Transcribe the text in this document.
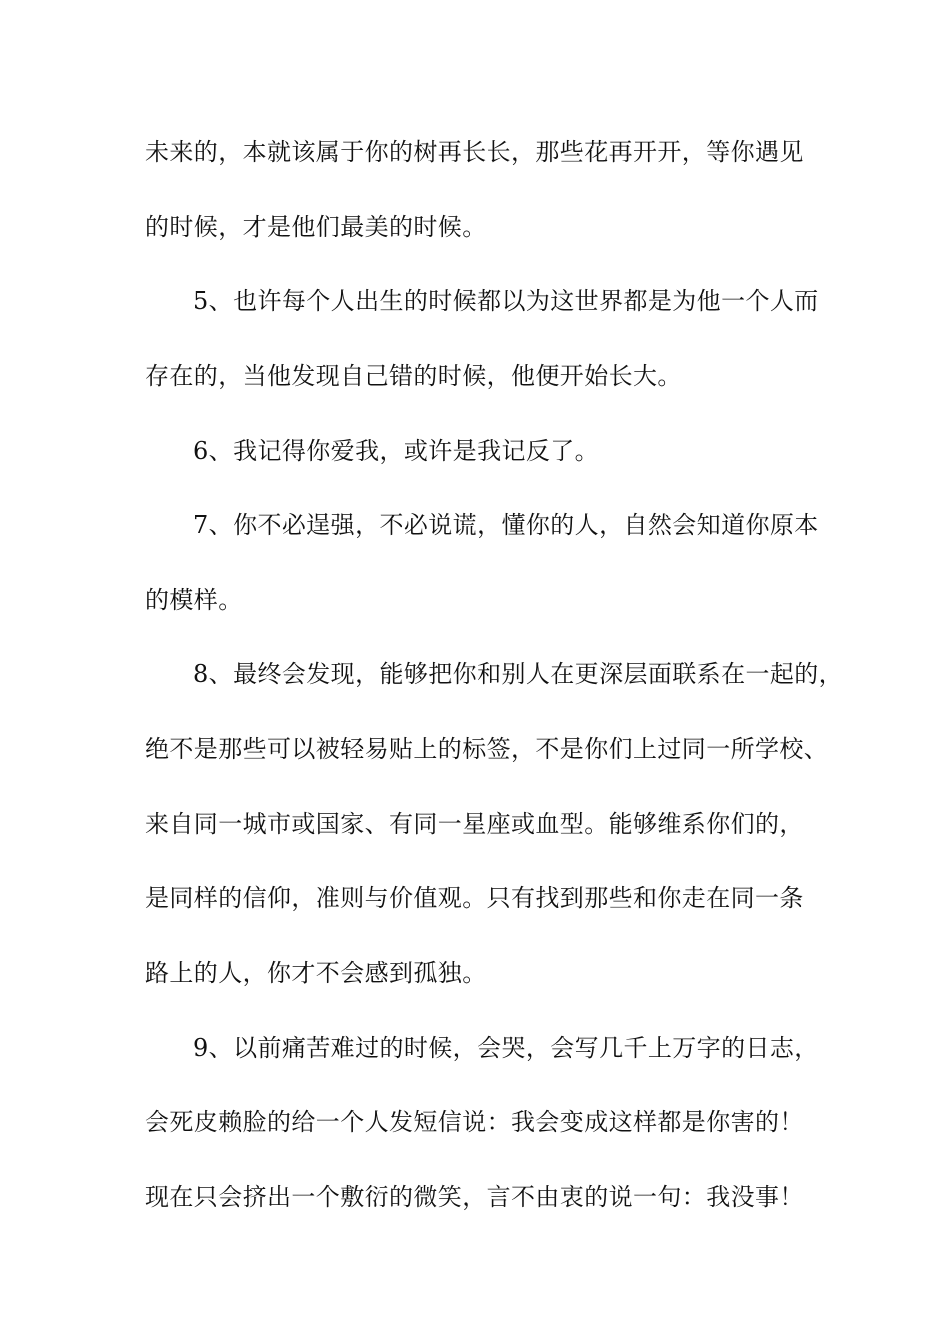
未来的，本就该属于你的树再长长，那些花再开开，等你遇见
的时候，才是他们最美的时候。
5、也许每个人出生的时候都以为这世界都是为他一个人而
存在的，当他发现自己错的时候，他便开始长大。
6、我记得你爱我，或许是我记反了。
7、你不必逞强，不必说谎，懂你的人，自然会知道你原本
的模样。
8、最终会发现，能够把你和别人在更深层面联系在一起的，
绝不是那些可以被轻易贴上的标签，不是你们上过同一所学校、
来自同一城市或国家、有同一星座或血型。能够维系你们的，
是同样的信仰，准则与价值观。只有找到那些和你走在同一条
路上的人，你才不会感到孤独。
9、以前痛苦难过的时候，会哭，会写几千上万字的日志，
会死皮赖脸的给一个人发短信说：我会变成这样都是你害的！
现在只会挤出一个敷衍的微笑，言不由衷的说一句：我没事！
